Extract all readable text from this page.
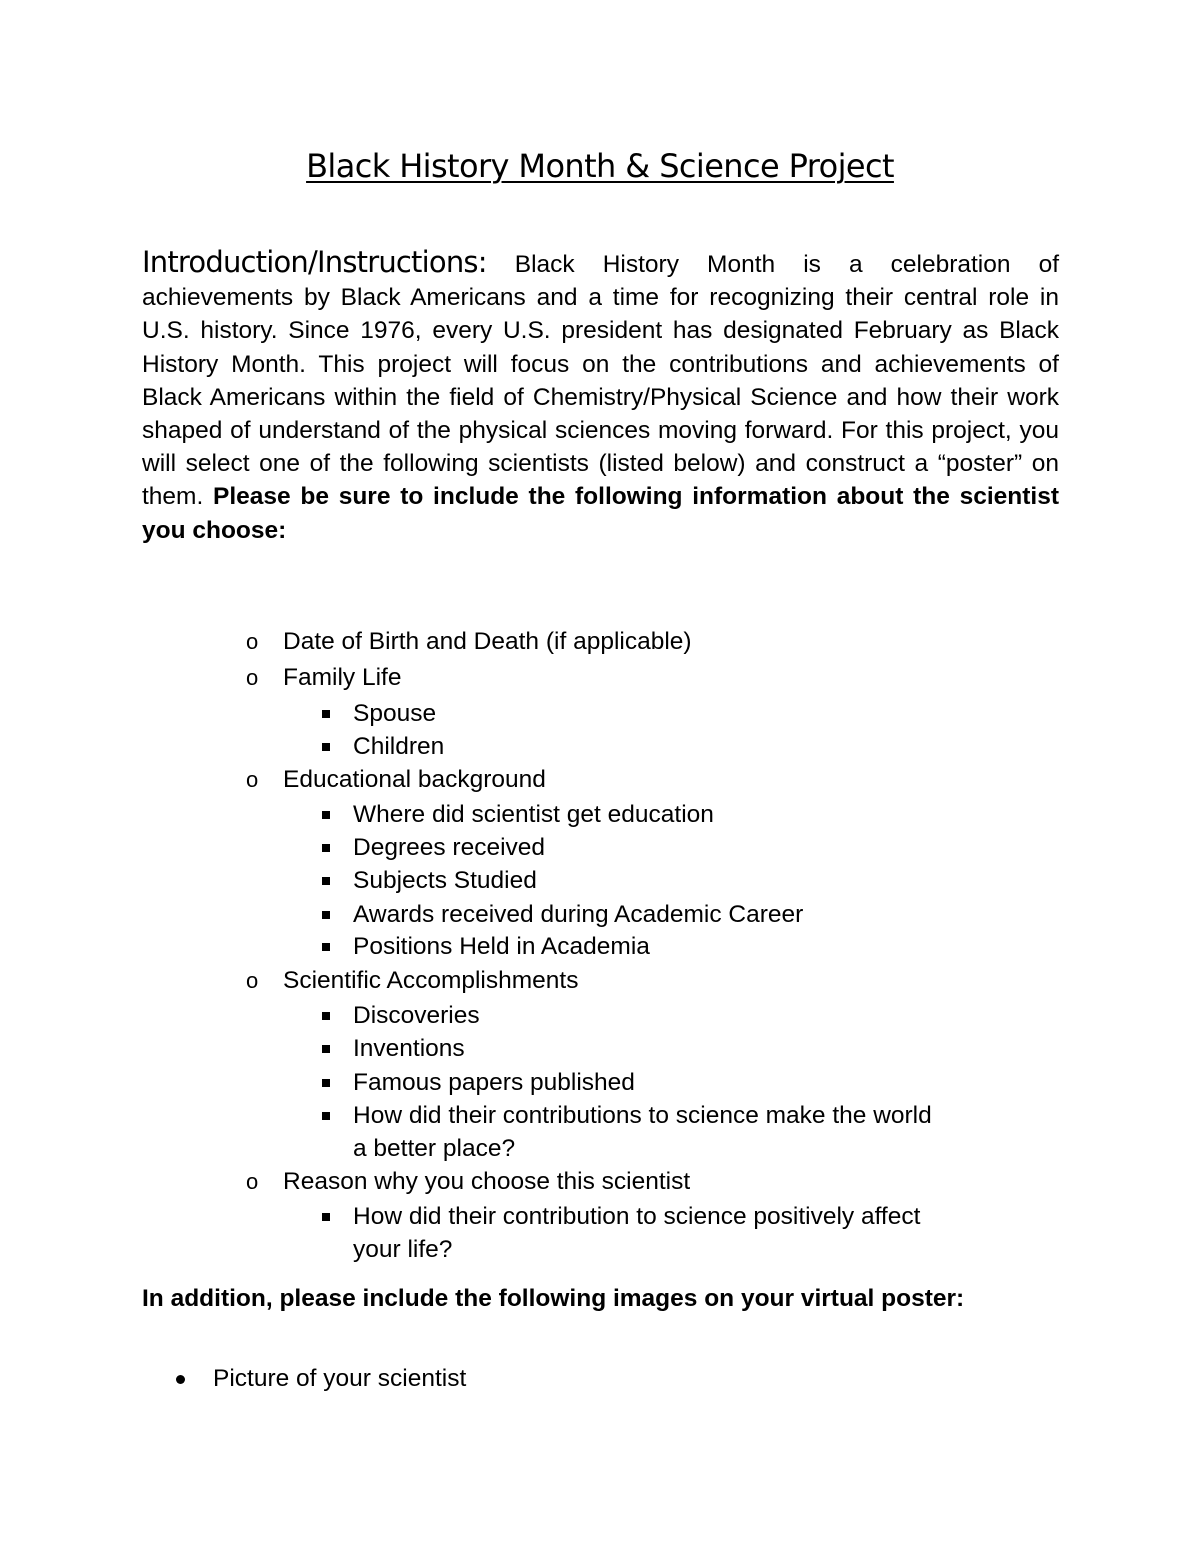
Black History Month & Science Project

Introduction/Instructions: Black History Month is a celebration of achievements by Black Americans and a time for recognizing their central role in U.S. history. Since 1976, every U.S. president has designated February as Black History Month. This project will focus on the contributions and achievements of Black Americans within the field of Chemistry/Physical Science and how their work shaped of understand of the physical sciences moving forward. For this project, you will select one of the following scientists (listed below) and construct a “poster” on them. Please be sure to include the following information about the scientist you choose:

o Date of Birth and Death (if applicable)
o Family Life
Spouse
Children
o Educational background
Where did scientist get education
Degrees received
Subjects Studied
Awards received during Academic Career
Positions Held in Academia
o Scientific Accomplishments
Discoveries
Inventions
Famous papers published
How did their contributions to science make the world
a better place?
o Reason why you choose this scientist
How did their contribution to science positively affect
your life?
Picture of your scientist

In addition, please include the following images on your virtual poster:
